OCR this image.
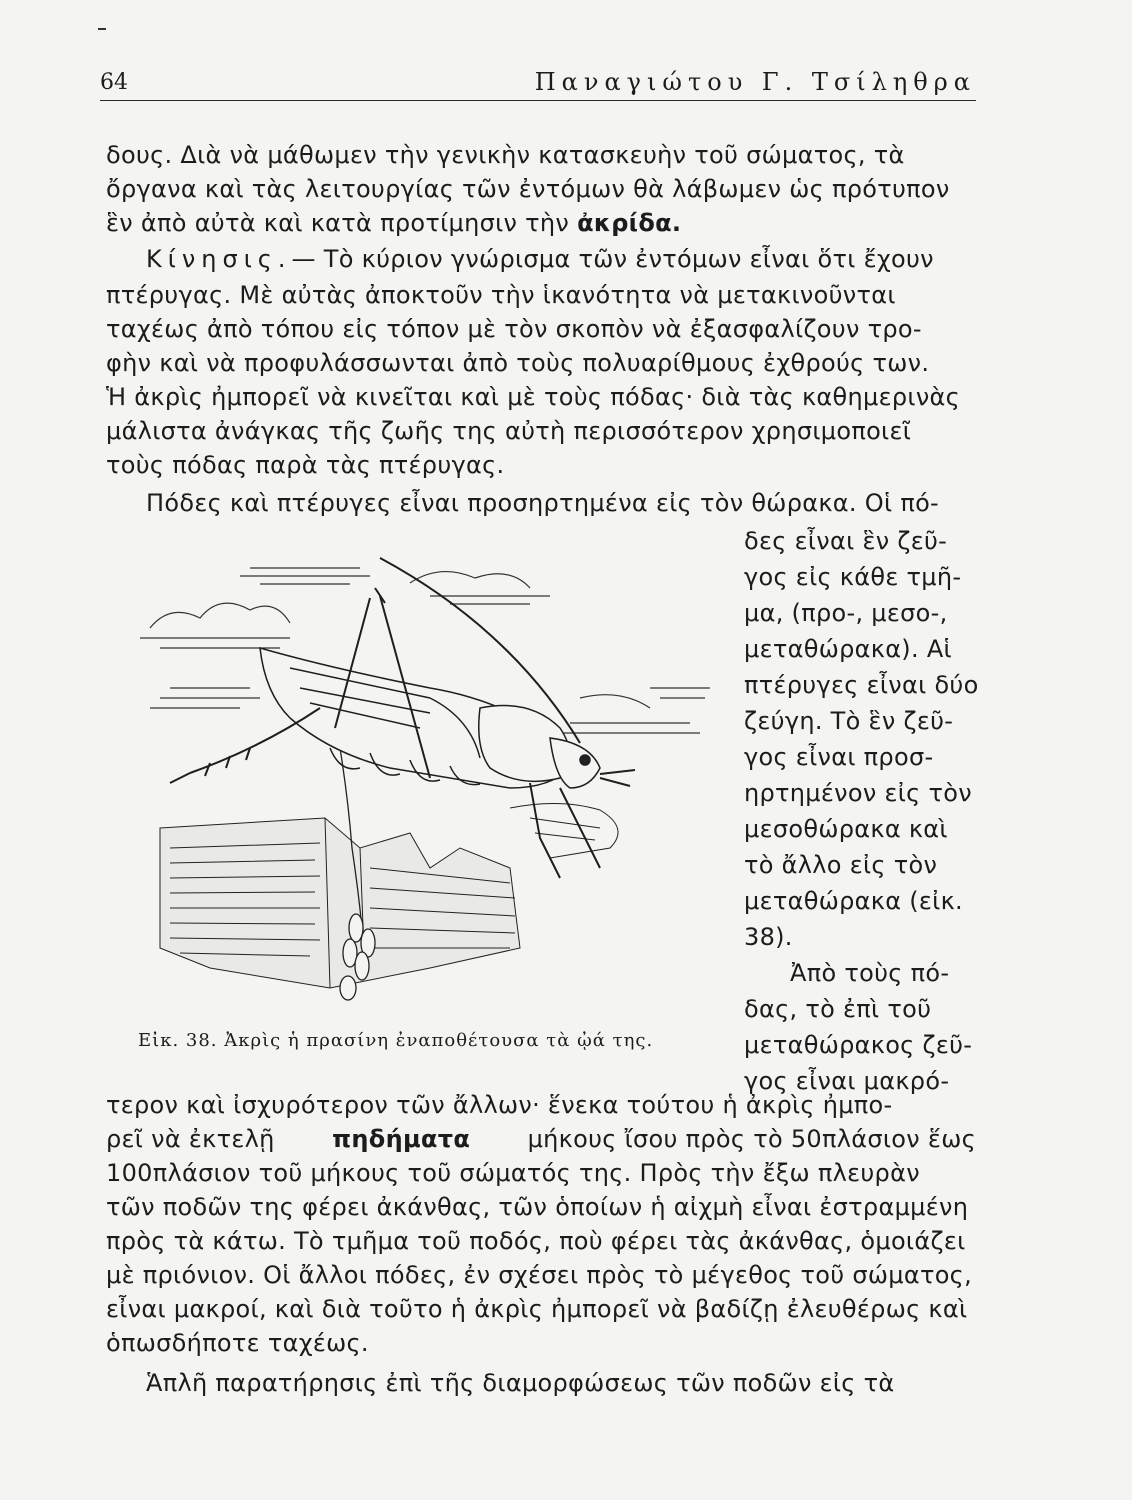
64	Παναγιώτου Γ. Τσίληθρα
δους. Διὰ νὰ μάθωμεν τὴν γενικὴν κατασκευὴν τοῦ σώματος, τὰ
ὄργανα καὶ τὰς λειτουργίας τῶν ἐντόμων θὰ λάβωμεν ὡς πρότυπον
ἓν ἀπὸ αὐτὰ καὶ κατὰ προτίμησιν τὴν
ἀκρίδα.
Κίνησις. — Τὸ κύριον γνώρισμα τῶν ἐντόμων εἶναι ὅτι ἔχουν
πτέρυγας. Μὲ αὐτὰς ἀποκτοῦν τὴν ἱκανότητα νὰ μετακινοῦνται
ταχέως ἀπὸ τόπου εἰς τόπον μὲ τὸν σκοπὸν νὰ ἐξασφαλίζουν τρο-
φὴν καὶ νὰ προφυλάσσωνται ἀπὸ τοὺς πολυαρίθμους ἐχθρούς των.
Ἡ ἀκρὶς ἠμπορεῖ νὰ κινεῖται καὶ μὲ τοὺς πόδας· διὰ τὰς καθημερινὰς
μάλιστα ἀνάγκας τῆς ζωῆς της αὐτὴ περισσότερον χρησιμοποιεῖ
τοὺς πόδας παρὰ τὰς πτέρυγας.
Πόδες καὶ πτέρυγες εἶναι προσηρτημένα εἰς τὸν θώρακα. Οἱ πό-
δες εἶναι ἓν ζεῦ-
γος εἰς κάθε τμῆ-
μα, (προ-, μεσο-,
μεταθώρακα). Αἱ
πτέρυγες εἶναι δύο
ζεύγη. Τὸ ἓν ζεῦ-
γος εἶναι προσ-
ηρτημένον εἰς τὸν
μεσοθώρακα καὶ
τὸ ἄλλο εἰς τὸν
μεταθώρακα (εἰκ.
38).
Ἀπὸ τοὺς πό-
δας, τὸ ἐπὶ τοῦ
μεταθώρακος ζεῦ-
γος εἶναι μακρό-
Εἰκ. 38. Ἀκρὶς ἡ πρασίνη ἐναποθέτουσα τὰ ᾠά της.
τερον καὶ ἰσχυρότερον τῶν ἄλλων· ἕνεκα τούτου ἡ ἀκρὶς ἠμπο-
ρεῖ νὰ ἐκτελῇ πηδήματα μήκους ἴσου πρὸς τὸ 50πλάσιον ἕως
100πλάσιον τοῦ μήκους τοῦ σώματός της. Πρὸς τὴν ἔξω πλευρὰν
τῶν ποδῶν της φέρει ἀκάνθας, τῶν ὁποίων ἡ αἰχμὴ εἶναι ἐστραμμένη
πρὸς τὰ κάτω. Τὸ τμῆμα τοῦ ποδός, ποὺ φέρει τὰς ἀκάνθας, ὁμοιάζει
μὲ πριόνιον. Οἱ ἄλλοι πόδες, ἐν σχέσει πρὸς τὸ μέγεθος τοῦ σώματος,
εἶναι μακροί, καὶ διὰ τοῦτο ἡ ἀκρὶς ἠμπορεῖ νὰ βαδίζῃ ἐλευθέρως καὶ
ὁπωσδήποτε ταχέως.
Ἁπλῆ παρατήρησις ἐπὶ τῆς διαμορφώσεως τῶν ποδῶν εἰς τὰ
